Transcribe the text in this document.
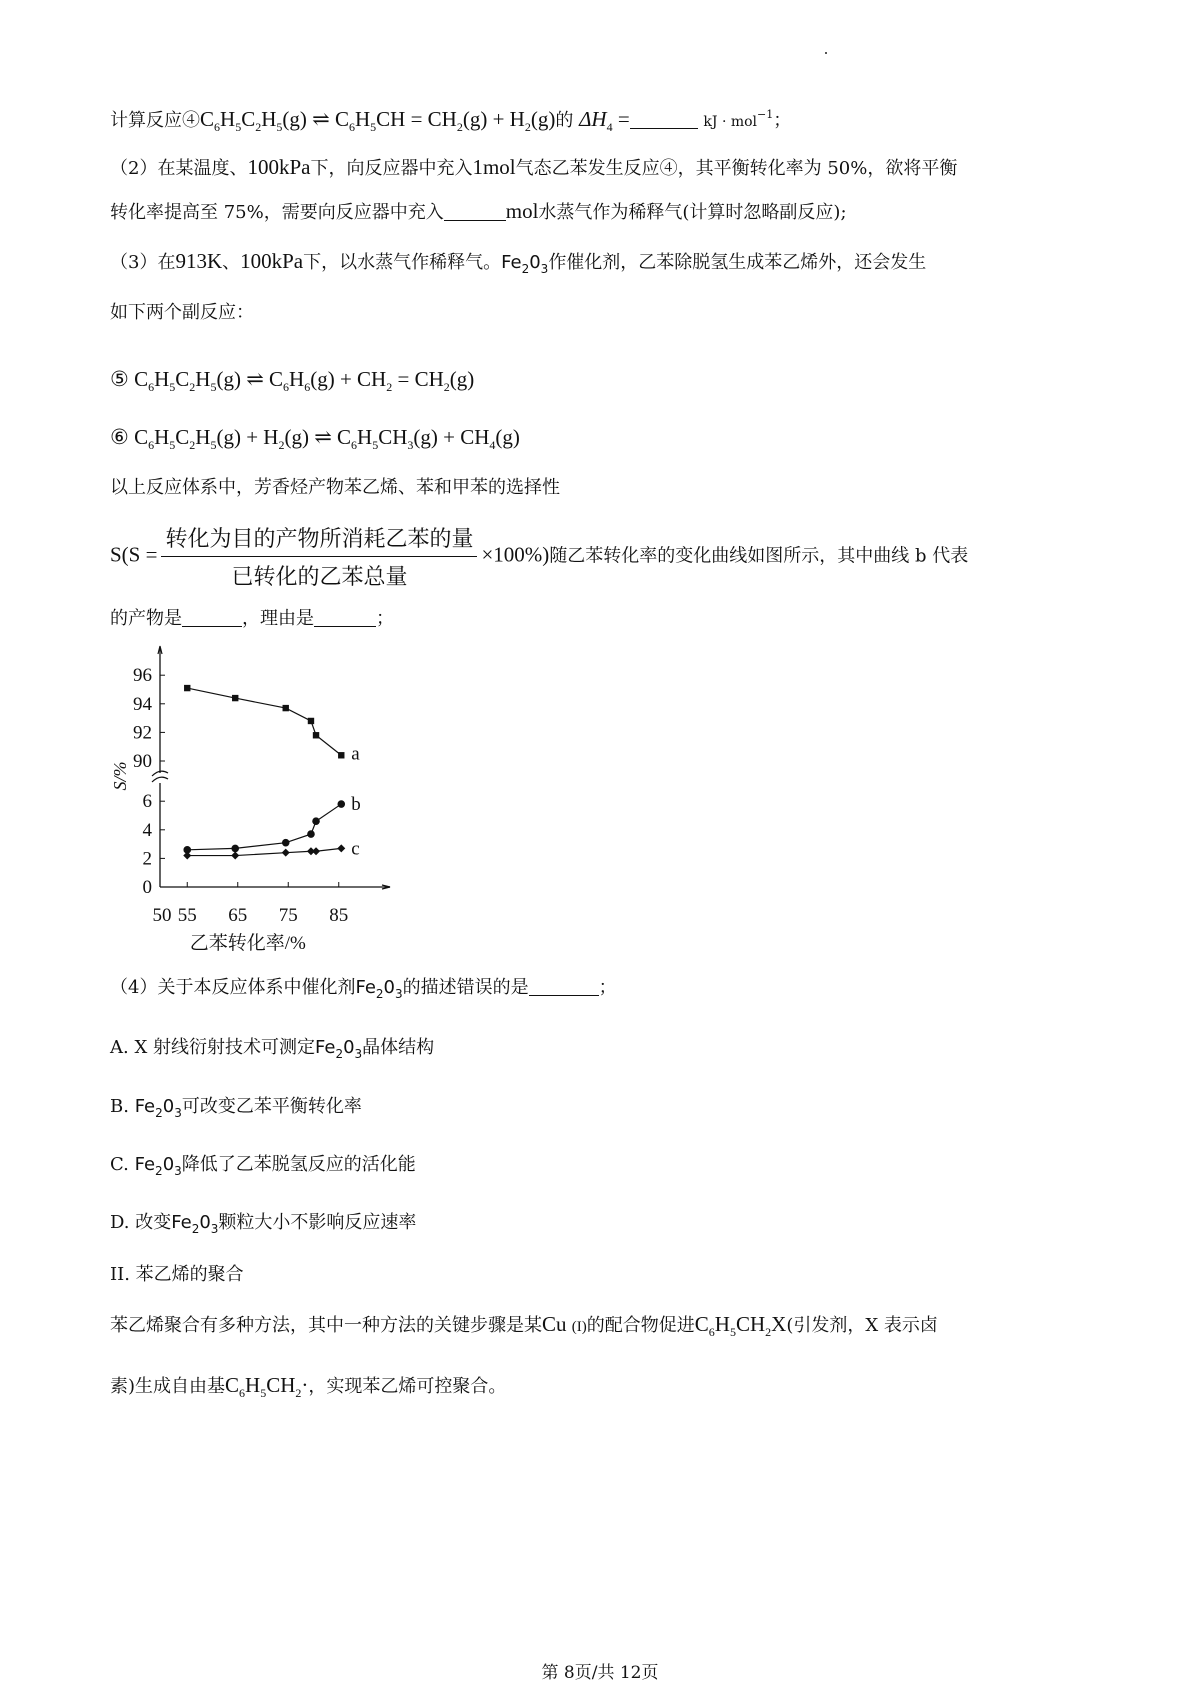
计算反应$④C_6H_5C_2H_5(g)$ ⇌ $C_6H_5CH = CH_2(g) + H_2(g)$的 $\Delta H_4$ =	kJ · mol$^{-1}$；
（2）在某温度、100kPa下，向反应器中充入1mol气态乙苯发生反应④，其平衡转化率为 50%，欲将平衡
转化率提高至 75%，需要向反应器中充入	mol水蒸气作为稀释气(计算时忽略副反应);
（3）在913K、100kPa下，以水蒸气作稀释气。$Fe_20_3$作催化剂，乙苯除脱氢生成苯乙烯外，还会发生
如下两个副反应：
⑤ $C_6H_5C_2H_5(g)$ ⇌ $C_6H_6(g) + CH_2 = CH_2(g)$
⑥ $C_6H_5C_2H_5(g) + H_2(g)$ ⇌ $C_6H_5CH_3(g) + CH_4(g)$
以上反应体系中，芳香烃产物苯乙烯、苯和甲苯的选择性
$S(S = \frac{\text{转化为目的产物所消耗乙苯的量}}{\text{已转化的乙苯总量}} \times 100\%)$随乙苯转化率的变化曲线如图所示，其中曲线 b 代表
的产物是	，理由是	；
90
92
94
96
0
2
4
6
50 55 65 75 85
S/%
乙苯转化率/%
a
b
c
（4）关于本反应体系中催化剂$Fe_20_3$的描述错误的是	；
A. X 射线衍射技术可测定$Fe_20_3$晶体结构
B. $Fe_20_3$可改变乙苯平衡转化率
C. $Fe_20_3$降低了乙苯脱氢反应的活化能
D. 改变$Fe_20_3$颗粒大小不影响反应速率
II. 苯乙烯的聚合
苯乙烯聚合有多种方法，其中一种方法的关键步骤是某Cu (I)的配合物促进$C_6H_5CH_2X$(引发剂，X 表示卤
素)生成自由基$C_6H_5CH_2\cdot$，实现苯乙烯可控聚合。
第 8页/共 12页
